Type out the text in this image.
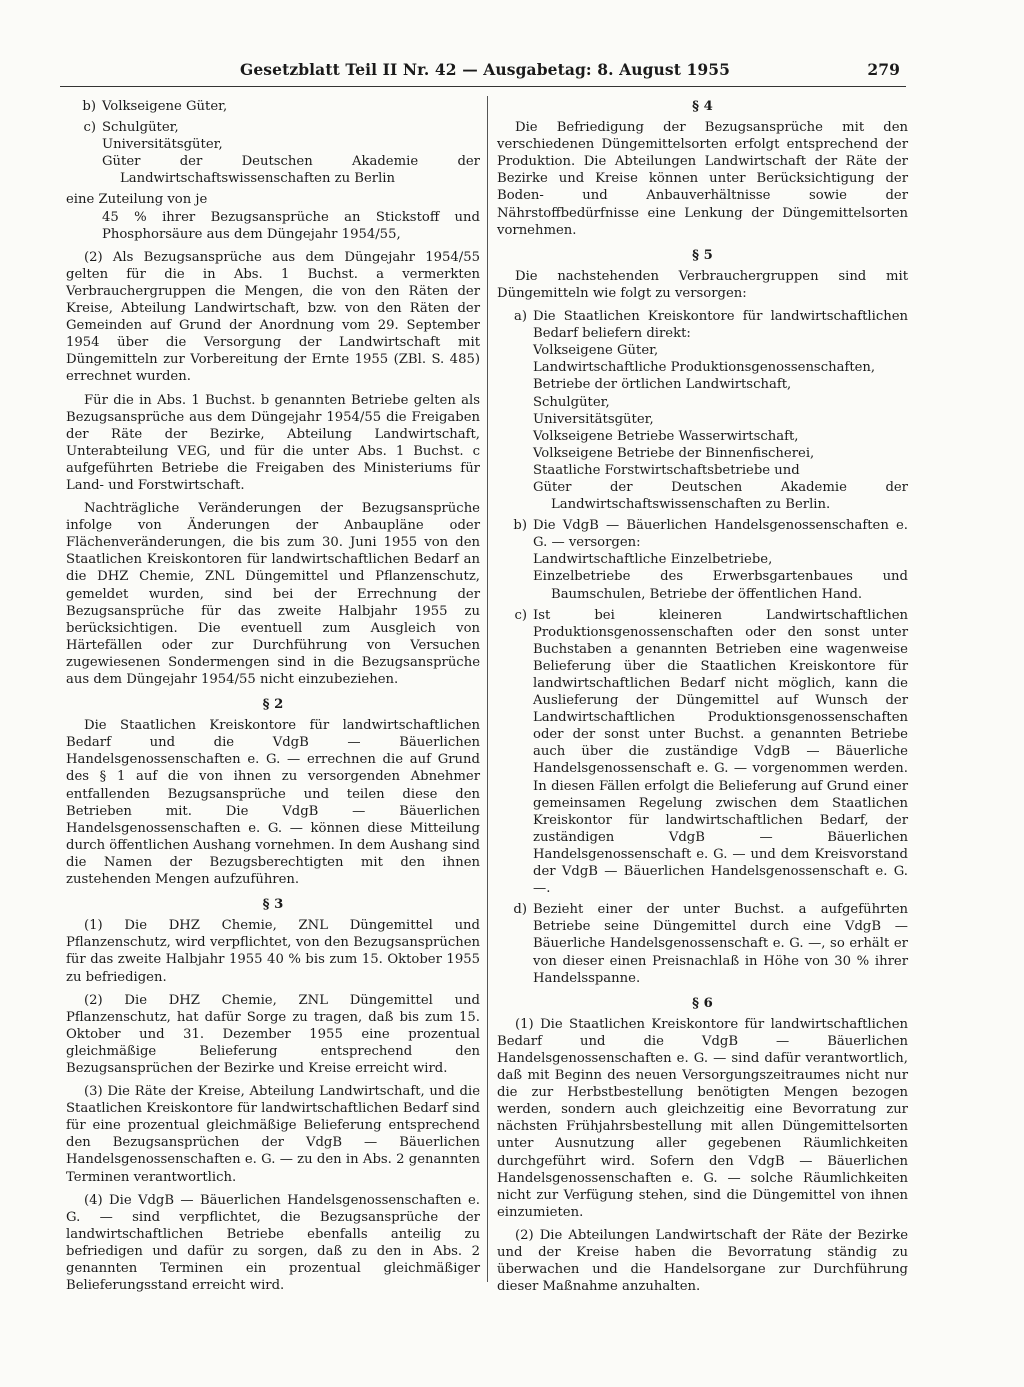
Gesetzblatt Teil II Nr. 42 — Ausgabetag: 8. August 1955	279
b) Volkseigene Güter,
c) Schulgüter,
Universitätsgüter,
Güter der Deutschen Akademie der Landwirtschaftswissenschaften zu Berlin

eine Zuteilung von je

45 % ihrer Bezugsansprüche an Stickstoff und Phosphorsäure aus dem Düngejahr 1954/55,

(2) Als Bezugsansprüche aus dem Düngejahr 1954/55 gelten für die in Abs. 1 Buchst. a vermerkten Verbrauchergruppen die Mengen, die von den Räten der Kreise, Abteilung Landwirtschaft, bzw. von den Räten der Gemeinden auf Grund der Anordnung vom 29. September 1954 über die Versorgung der Landwirtschaft mit Düngemitteln zur Vorbereitung der Ernte 1955 (ZBl. S. 485) errechnet wurden.

Für die in Abs. 1 Buchst. b genannten Betriebe gelten als Bezugsansprüche aus dem Düngejahr 1954/55 die Freigaben der Räte der Bezirke, Abteilung Landwirtschaft, Unterabteilung VEG, und für die unter Abs. 1 Buchst. c aufgeführten Betriebe die Freigaben des Ministeriums für Land- und Forstwirtschaft.

Nachträgliche Veränderungen der Bezugsansprüche infolge von Änderungen der Anbaupläne oder Flächenveränderungen, die bis zum 30. Juni 1955 von den Staatlichen Kreiskontoren für landwirtschaftlichen Bedarf an die DHZ Chemie, ZNL Düngemittel und Pflanzenschutz, gemeldet wurden, sind bei der Errechnung der Bezugsansprüche für das zweite Halbjahr 1955 zu berücksichtigen. Die eventuell zum Ausgleich von Härtefällen oder zur Durchführung von Versuchen zugewiesenen Sondermengen sind in die Bezugsansprüche aus dem Düngejahr 1954/55 nicht einzubeziehen.

§ 2

Die Staatlichen Kreiskontore für landwirtschaftlichen Bedarf und die VdgB — Bäuerlichen Handelsgenossenschaften e. G. — errechnen die auf Grund des § 1 auf die von ihnen zu versorgenden Abnehmer entfallenden Bezugsansprüche und teilen diese den Betrieben mit. Die VdgB — Bäuerlichen Handelsgenossenschaften e. G. — können diese Mitteilung durch öffentlichen Aushang vornehmen. In dem Aushang sind die Namen der Bezugsberechtigten mit den ihnen zustehenden Mengen aufzuführen.

§ 3

(1) Die DHZ Chemie, ZNL Düngemittel und Pflanzenschutz, wird verpflichtet, von den Bezugsansprüchen für das zweite Halbjahr 1955 40 % bis zum 15. Oktober 1955 zu befriedigen.

(2) Die DHZ Chemie, ZNL Düngemittel und Pflanzenschutz, hat dafür Sorge zu tragen, daß bis zum 15. Oktober und 31. Dezember 1955 eine prozentual gleichmäßige Belieferung entsprechend den Bezugsansprüchen der Bezirke und Kreise erreicht wird.

(3) Die Räte der Kreise, Abteilung Landwirtschaft, und die Staatlichen Kreiskontore für landwirtschaftlichen Bedarf sind für eine prozentual gleichmäßige Belieferung entsprechend den Bezugsansprüchen der VdgB — Bäuerlichen Handelsgenossenschaften e. G. — zu den in Abs. 2 genannten Terminen verantwortlich.

(4) Die VdgB — Bäuerlichen Handelsgenossenschaften e. G. — sind verpflichtet, die Bezugsansprüche der landwirtschaftlichen Betriebe ebenfalls anteilig zu befriedigen und dafür zu sorgen, daß zu den in Abs. 2 genannten Terminen ein prozentual gleichmäßiger Belieferungsstand erreicht wird.

§ 4

Die Befriedigung der Bezugsansprüche mit den verschiedenen Düngemittelsorten erfolgt entsprechend der Produktion. Die Abteilungen Landwirtschaft der Räte der Bezirke und Kreise können unter Berücksichtigung der Boden- und Anbauverhältnisse sowie der Nährstoffbedürfnisse eine Lenkung der Düngemittelsorten vornehmen.

§ 5

Die nachstehenden Verbrauchergruppen sind mit Düngemitteln wie folgt zu versorgen:

a) Die Staatlichen Kreiskontore für landwirtschaftlichen Bedarf beliefern direkt:
Volkseigene Güter,
Landwirtschaftliche Produktionsgenossenschaften,
Betriebe der örtlichen Landwirtschaft,
Schulgüter,
Universitätsgüter,
Volkseigene Betriebe Wasserwirtschaft,
Volkseigene Betriebe der Binnenfischerei,
Staatliche Forstwirtschaftsbetriebe und
Güter der Deutschen Akademie der Landwirtschaftswissenschaften zu Berlin.
b) Die VdgB — Bäuerlichen Handelsgenossenschaften e. G. — versorgen:
Landwirtschaftliche Einzelbetriebe,
Einzelbetriebe des Erwerbsgartenbaues und Baumschulen, Betriebe der öffentlichen Hand.
c) Ist bei kleineren Landwirtschaftlichen Produktionsgenossenschaften oder den sonst unter Buchstaben a genannten Betrieben eine wagenweise Belieferung über die Staatlichen Kreiskontore für landwirtschaftlichen Bedarf nicht möglich, kann die Auslieferung der Düngemittel auf Wunsch der Landwirtschaftlichen Produktionsgenossenschaften oder der sonst unter Buchst. a genannten Betriebe auch über die zuständige VdgB — Bäuerliche Handelsgenossenschaft e. G. — vorgenommen werden. In diesen Fällen erfolgt die Belieferung auf Grund einer gemeinsamen Regelung zwischen dem Staatlichen Kreiskontor für landwirtschaftlichen Bedarf, der zuständigen VdgB — Bäuerlichen Handelsgenossenschaft e. G. — und dem Kreisvorstand der VdgB — Bäuerlichen Handelsgenossenschaft e. G. —.
d) Bezieht einer der unter Buchst. a aufgeführten Betriebe seine Düngemittel durch eine VdgB — Bäuerliche Handelsgenossenschaft e. G. —, so erhält er von dieser einen Preisnachlaß in Höhe von 30 % ihrer Handelsspanne.
§ 6

(1) Die Staatlichen Kreiskontore für landwirtschaftlichen Bedarf und die VdgB — Bäuerlichen Handelsgenossenschaften e. G. — sind dafür verantwortlich, daß mit Beginn des neuen Versorgungszeitraumes nicht nur die zur Herbstbestellung benötigten Mengen bezogen werden, sondern auch gleichzeitig eine Bevorratung zur nächsten Frühjahrsbestellung mit allen Düngemittelsorten unter Ausnutzung aller gegebenen Räumlichkeiten durchgeführt wird. Sofern den VdgB — Bäuerlichen Handelsgenossenschaften e. G. — solche Räumlichkeiten nicht zur Verfügung stehen, sind die Düngemittel von ihnen einzumieten.

(2) Die Abteilungen Landwirtschaft der Räte der Bezirke und der Kreise haben die Bevorratung ständig zu überwachen und die Handelsorgane zur Durchführung dieser Maßnahme anzuhalten.
